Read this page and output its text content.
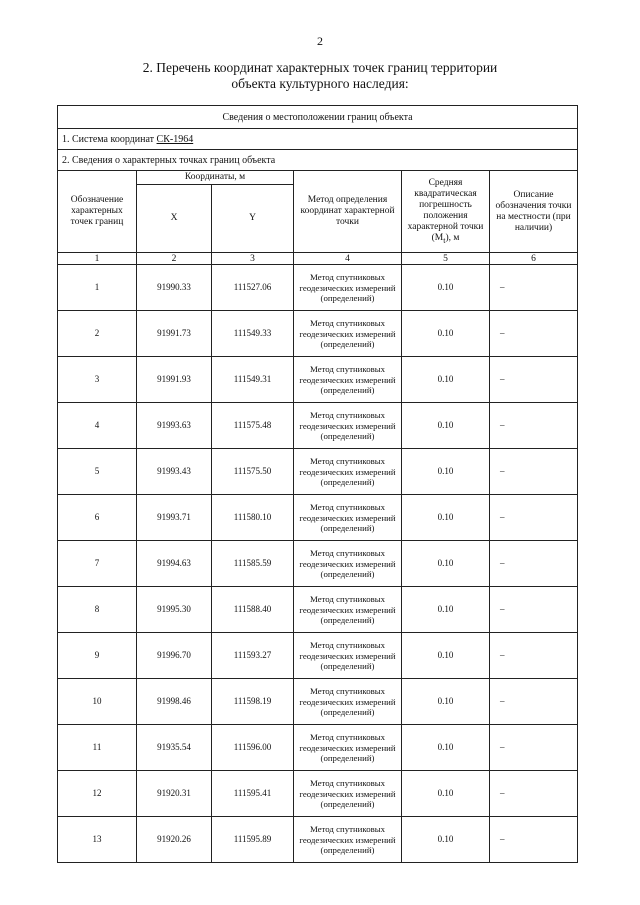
2
2. Перечень координат характерных точек границ территории
объекта культурного наследия:
Сведения о местоположении границ объекта					
1. Система координат СК-1964					
2. Сведения о характерных точках границ объекта					
Обозначение характерных точек границ	Координаты, м		Метод определения координат характерной точки	Средняя квадратическая погрешность положения характерной точки $(M_t)$, м	Описание обозначения точки на местности (при наличии)
	X	Y			
1	2	3	4	5	6
1	91990.33	111527.06	Метод спутниковых геодезических измерений (определений)	0.10	–
2	91991.73	111549.33	Метод спутниковых геодезических измерений (определений)	0.10	–
3	91991.93	111549.31	Метод спутниковых геодезических измерений (определений)	0.10	–
4	91993.63	111575.48	Метод спутниковых геодезических измерений (определений)	0.10	–
5	91993.43	111575.50	Метод спутниковых геодезических измерений (определений)	0.10	–
6	91993.71	111580.10	Метод спутниковых геодезических измерений (определений)	0.10	–
7	91994.63	111585.59	Метод спутниковых геодезических измерений (определений)	0.10	–
8	91995.30	111588.40	Метод спутниковых геодезических измерений (определений)	0.10	–
9	91996.70	111593.27	Метод спутниковых геодезических измерений (определений)	0.10	–
10	91998.46	111598.19	Метод спутниковых геодезических измерений (определений)	0.10	–
11	91935.54	111596.00	Метод спутниковых геодезических измерений (определений)	0.10	–
12	91920.31	111595.41	Метод спутниковых геодезических измерений (определений)	0.10	–
13	91920.26	111595.89	Метод спутниковых геодезических измерений (определений)	0.10	–
